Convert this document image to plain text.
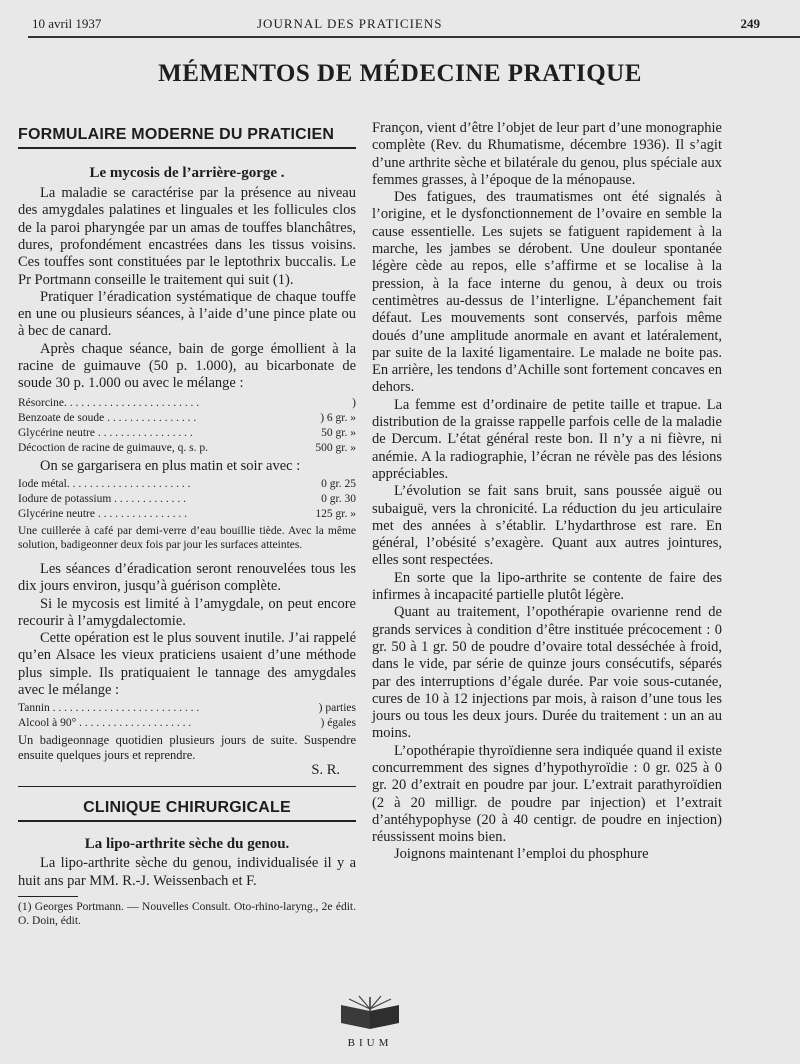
10 avril 1937	JOURNAL DES PRATICIENS	249
MÉMENTOS DE MÉDECINE PRATIQUE
FORMULAIRE MODERNE DU PRATICIEN
Le mycosis de l’arrière-gorge .

La maladie se caractérise par la présence au niveau des amygdales palatines et linguales et les follicules clos de la paroi pharyngée par un amas de touffes blanchâtres, dures, profondément encastrées dans les tissus voisins. Ces touffes sont constituées par le leptothrix buccalis. Le Pr Portmann conseille le traitement qui suit (1).

Pratiquer l’éradication systématique de chaque touffe en une ou plusieurs séances, à l’aide d’une pince plate ou à bec de canard.

Après chaque séance, bain de gorge émollient à la racine de guimauve (50 p. 1.000), au bicarbonate de soude 30 p. 1.000 ou avec le mélange :

Résorcine. . . . . . . . . . . . . . . . . . . . . . . .	)
Benzoate de soude . . . . . . . . . . . . . . . .	) 6 gr. »
Glycérine neutre . . . . . . . . . . . . . . . . .	50 gr. »
Décoction de racine de guimauve, q. s. p.	500 gr. »

On se gargarisera en plus matin et soir avec :

Iode métal. . . . . . . . . . . . . . . . . . . . . .	0 gr. 25
Iodure de potassium . . . . . . . . . . . . .	0 gr. 30
Glycérine neutre . . . . . . . . . . . . . . . .	125 gr. »

Une cuillerée à café par demi-verre d’eau bouillie tiède. Avec la même solution, badigeonner deux fois par jour les surfaces atteintes.

Les séances d’éradication seront renouvelées tous les dix jours environ, jusqu’à guérison complète.

Si le mycosis est limité à l’amygdale, on peut encore recourir à l’amygdalectomie.

Cette opération est le plus souvent inutile. J’ai rappelé qu’en Alsace les vieux praticiens usaient d’une méthode plus simple. Ils pratiquaient le tannage des amygdales avec le mélange :

Tannin . . . . . . . . . . . . . . . . . . . . . . . . . .	) parties
Alcool à 90° . . . . . . . . . . . . . . . . . . . .	) égales

Un badigeonnage quotidien plusieurs jours de suite. Suspendre ensuite quelques jours et reprendre.

S. R.
CLINIQUE CHIRURGICALE
La lipo-arthrite sèche du genou.

La lipo-arthrite sèche du genou, individualisée il y a huit ans par MM. R.-J. Weissenbach et F.

(1) Georges Portmann. — Nouvelles Consult. Oto-rhino-laryng., 2e édit. O. Doin, édit.

Françon, vient d’être l’objet de leur part d’une monographie complète (Rev. du Rhumatisme, décembre 1936). Il s’agit d’une arthrite sèche et bilatérale du genou, plus spéciale aux femmes grasses, à l’époque de la ménopause.

Des fatigues, des traumatismes ont été signalés à l’origine, et le dysfonctionnement de l’ovaire en semble la cause essentielle. Les sujets se fatiguent rapidement à la marche, les jambes se dérobent. Une douleur spontanée légère cède au repos, elle s’affirme et se localise à la pression, à la face interne du genou, à deux ou trois centimètres au-dessus de l’interligne. L’épanchement fait défaut. Les mouvements sont conservés, parfois même doués d’une amplitude anormale en avant et latéralement, par suite de la laxité ligamentaire. Le malade ne boite pas. En arrière, les tendons d’Achille sont fortement concaves en dehors.

La femme est d’ordinaire de petite taille et trapue. La distribution de la graisse rappelle parfois celle de la maladie de Dercum. L’état général reste bon. Il n’y a ni fièvre, ni anémie. A la radiographie, l’écran ne révèle pas des lésions appréciables.

L’évolution se fait sans bruit, sans poussée aiguë ou subaiguë, vers la chronicité. La réduction du jeu articulaire met des années à s’établir. L’hydarthrose est rare. En général, l’obésité s’exagère. Quant aux autres jointures, elles sont respectées.

En sorte que la lipo-arthrite se contente de faire des infirmes à incapacité partielle plutôt légère.

Quant au traitement, l’opothérapie ovarienne rend de grands services à condition d’être instituée précocement : 0 gr. 50 à 1 gr. 50 de poudre d’ovaire total desséchée à froid, dans le vide, par série de quinze jours consécutifs, séparés par des interruptions d’égale durée. Par voie sous-cutanée, cures de 10 à 12 injections par mois, à raison d’une tous les jours ou tous les deux jours. Durée du traitement : un an au moins.

L’opothérapie thyroïdienne sera indiquée quand il existe concurremment des signes d’hypothyroïdie : 0 gr. 025 à 0 gr. 20 d’extrait en poudre par jour. L’extrait parathyroïdien (2 à 20 milligr. de poudre par injection) et l’extrait d’antéhypophyse (20 à 40 centigr. de poudre en injection) réussissent moins bien.

Joignons maintenant l’emploi du phosphure

BIUM
